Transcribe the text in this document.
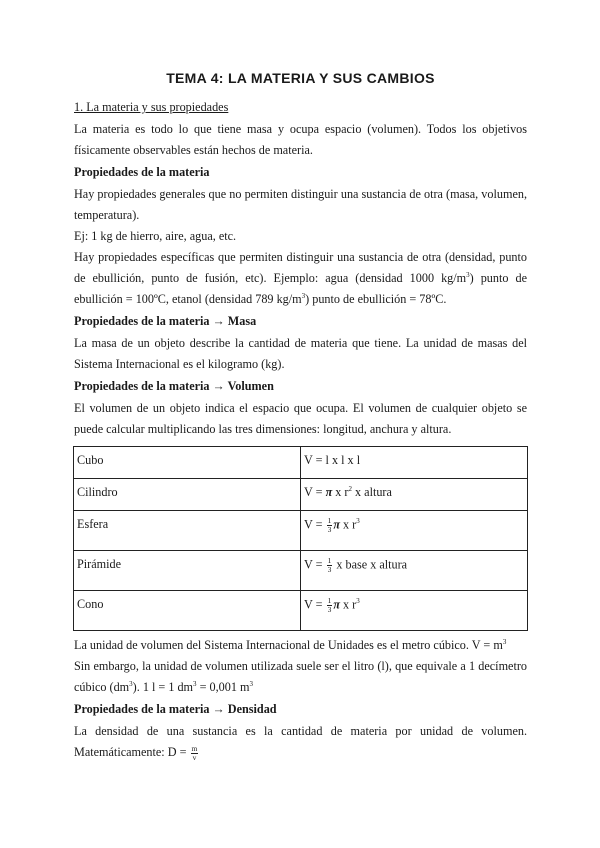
TEMA 4: LA MATERIA Y SUS CAMBIOS
1. La materia y sus propiedades

La materia es todo lo que tiene masa y ocupa espacio (volumen). Todos los objetivos físicamente observables están hechos de materia.

Propiedades de la materia

Hay propiedades generales que no permiten distinguir una sustancia de otra (masa, volumen, temperatura).

Ej: 1 kg de hierro, aire, agua, etc.

Hay propiedades específicas que permiten distinguir una sustancia de otra (densidad, punto de ebullición, punto de fusión, etc). Ejemplo: agua (densidad 1000 $kg/m^3$) punto de ebullición = 100ºC, etanol (densidad 789 $kg/m^3$) punto de ebullición = 78ºC.

Propiedades de la materia → Masa

La masa de un objeto describe la cantidad de materia que tiene. La unidad de masas del Sistema Internacional es el kilogramo (kg).

Propiedades de la materia → Volumen

El volumen de un objeto indica el espacio que ocupa. El volumen de cualquier objeto se puede calcular multiplicando las tres dimensiones: longitud, anchura y altura.

Cubo	V = l x l x l
Cilindro	V = π x $r^2$ x altura
Esfera	$V = \frac{1}{3}$ π x $r^3$
Pirámide	$V = \frac{1}{3}$ x base x altura
Cono	$V = \frac{1}{3}$ π x $r^3$

La unidad de volumen del Sistema Internacional de Unidades es el metro cúbico. $V = m^3$

Sin embargo, la unidad de volumen utilizada suele ser el litro (l), que equivale a 1 decímetro cúbico $(dm^3)$. 1 l = 1 $dm^3 = 0,001$ $m^3$

Propiedades de la materia → Densidad

La densidad de una sustancia es la cantidad de materia por unidad de volumen. Matemáticamente: $D = \frac{m}{v}$
